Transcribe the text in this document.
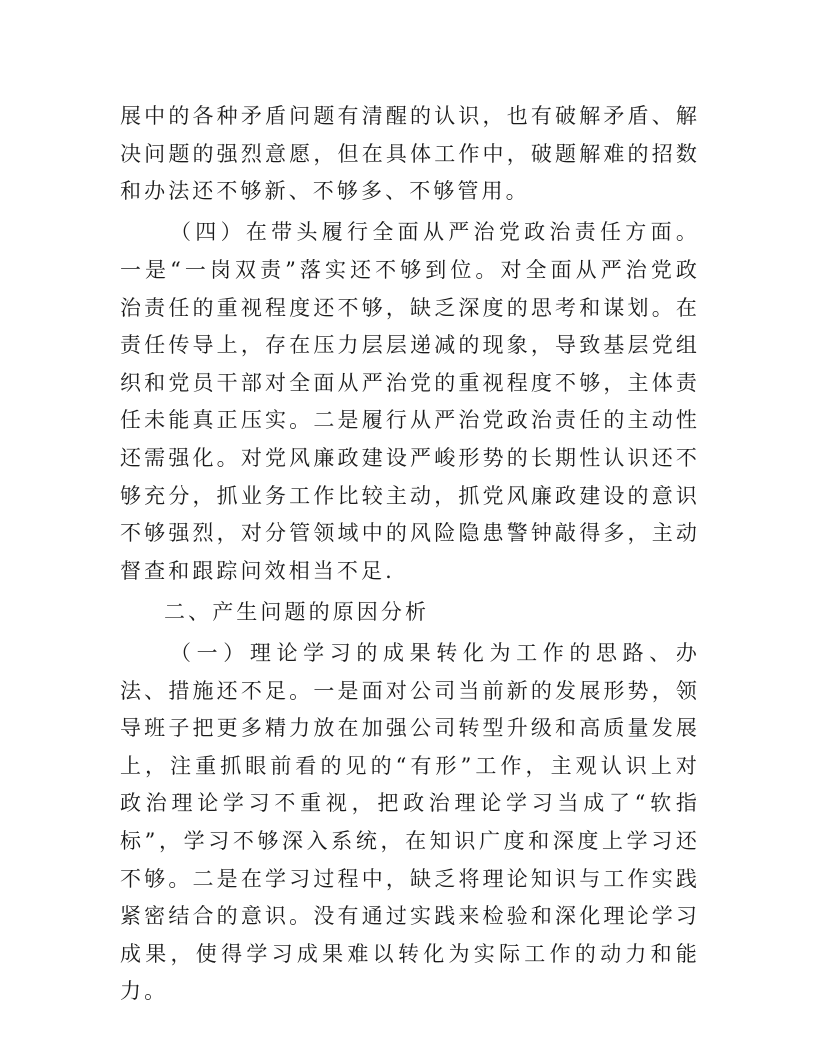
展中的各种矛盾问题有清醒的认识，也有破解矛盾、解决问题的强烈意愿，但在具体工作中，破题解难的招数和办法还不够新、不够多、不够管用。

（四）在带头履行全面从严治党政治责任方面。一是“一岗双责”落实还不够到位。对全面从严治党政治责任的重视程度还不够，缺乏深度的思考和谋划。在责任传导上，存在压力层层递减的现象，导致基层党组织和党员干部对全面从严治党的重视程度不够，主体责任未能真正压实。二是履行从严治党政治责任的主动性还需强化。对党风廉政建设严峻形势的长期性认识还不够充分，抓业务工作比较主动，抓党风廉政建设的意识不够强烈，对分管领域中的风险隐患警钟敲得多，主动督查和跟踪问效相当不足.

二、产生问题的原因分析

（一）理论学习的成果转化为工作的思路、办法、措施还不足。一是面对公司当前新的发展形势，领导班子把更多精力放在加强公司转型升级和高质量发展上，注重抓眼前看的见的“有形”工作，主观认识上对政治理论学习不重视，把政治理论学习当成了“软指标”，学习不够深入系统，在知识广度和深度上学习还不够。二是在学习过程中，缺乏将理论知识与工作实践紧密结合的意识。没有通过实践来检验和深化理论学习成果，使得学习成果难以转化为实际工作的动力和能力。
